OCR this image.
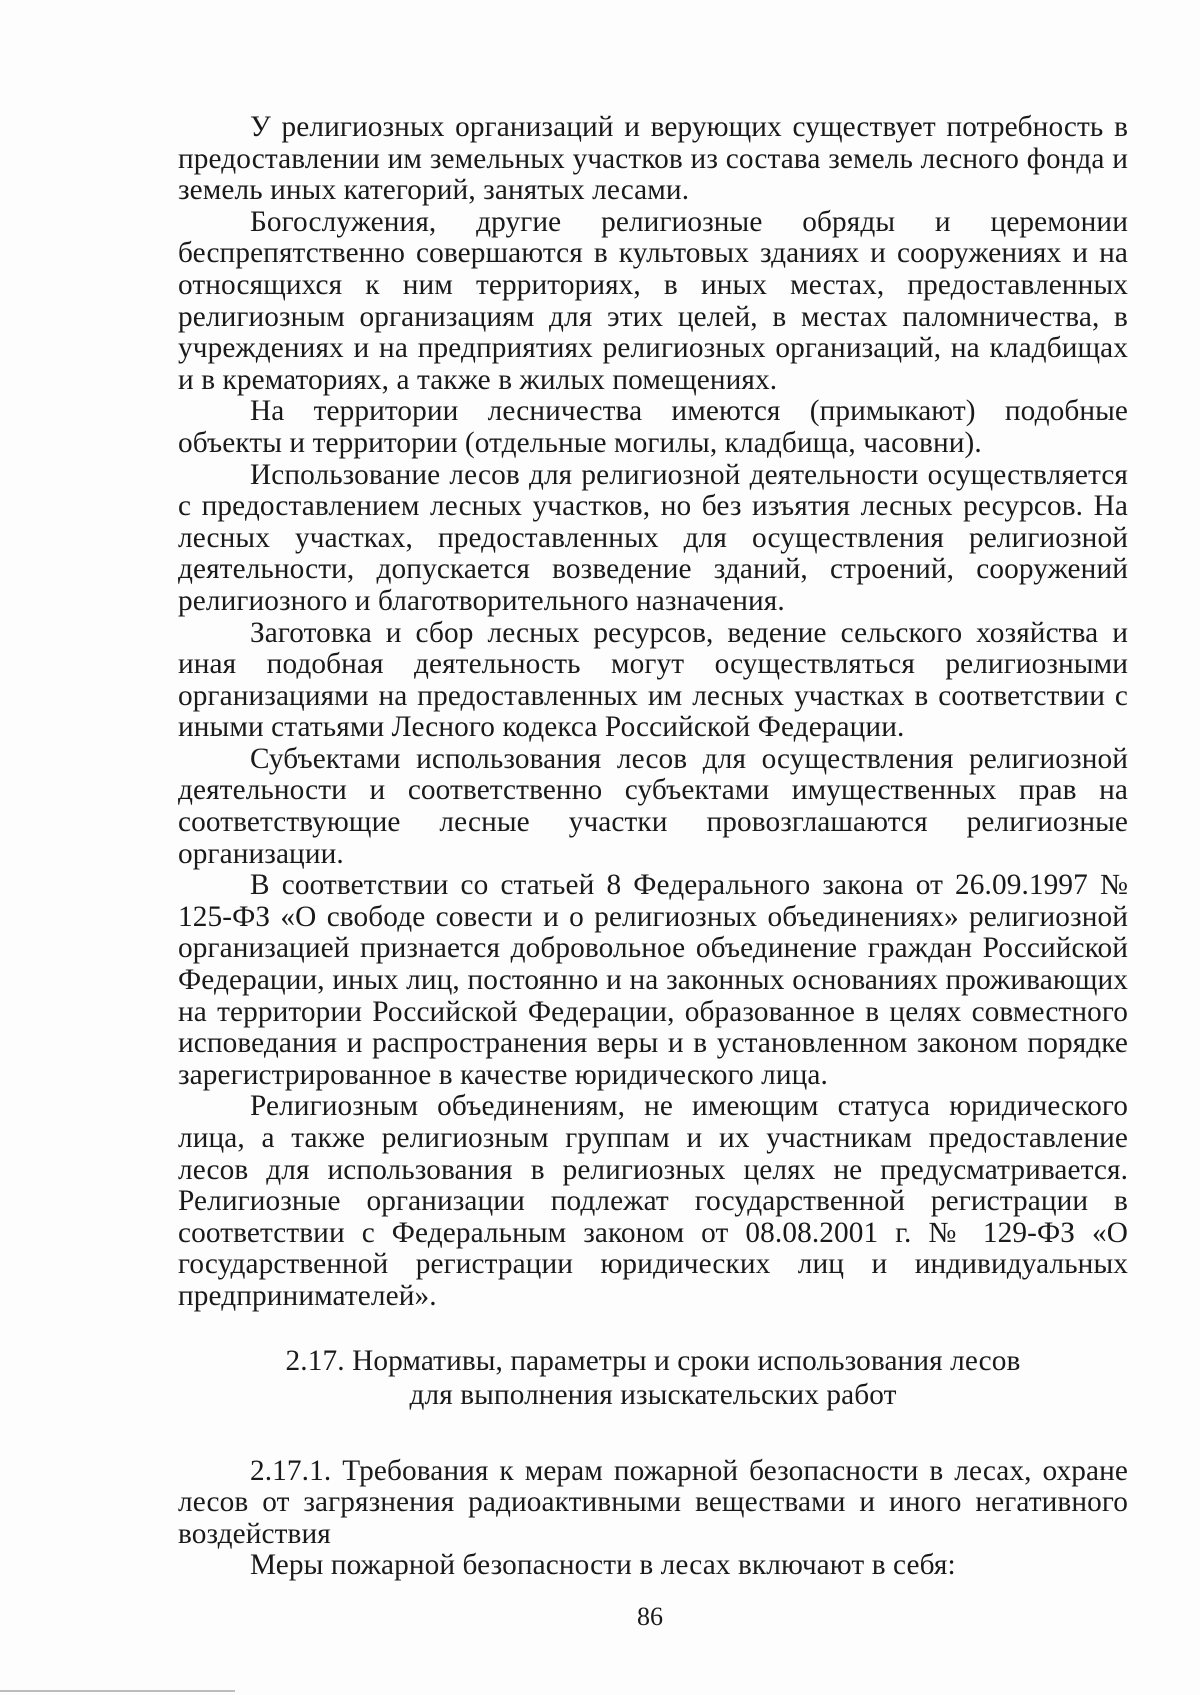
У религиозных организаций и верующих существует потребность в предоставлении им земельных участков из состава земель лесного фонда и земель иных категорий, занятых лесами.

Богослужения, другие религиозные обряды и церемонии беспрепятственно совершаются в культовых зданиях и сооружениях и на относящихся к ним территориях, в иных местах, предоставленных религиозным организациям для этих целей, в местах паломничества, в учреждениях и на предприятиях религиозных организаций, на кладбищах и в крематориях, а также в жилых помещениях.

На территории лесничества имеются (примыкают) подобные объекты и территории (отдельные могилы, кладбища, часовни).

Использование лесов для религиозной деятельности осуществляется с предоставлением лесных участков, но без изъятия лесных ресурсов. На лесных участках, предоставленных для осуществления религиозной деятельности, допускается возведение зданий, строений, сооружений религиозного и благотворительного назначения.

Заготовка и сбор лесных ресурсов, ведение сельского хозяйства и иная подобная деятельность могут осуществляться религиозными организациями на предоставленных им лесных участках в соответствии с иными статьями Лесного кодекса Российской Федерации.

Субъектами использования лесов для осуществления религиозной деятельности и соответственно субъектами имущественных прав на соответствующие лесные участки провозглашаются религиозные организации.

В соответствии со статьей 8 Федерального закона от 26.09.1997 № 125-ФЗ «О свободе совести и о религиозных объединениях» религиозной организацией признается добровольное объединение граждан Российской Федерации, иных лиц, постоянно и на законных основаниях проживающих на территории Российской Федерации, образованное в целях совместного исповедания и распространения веры и в установленном законом порядке зарегистрированное в качестве юридического лица.

Религиозным объединениям, не имеющим статуса юридического лица, а также религиозным группам и их участникам предоставление лесов для использования в религиозных целях не предусматривается. Религиозные организации подлежат государственной регистрации в соответствии с Федеральным законом от 08.08.2001 г. № 129-ФЗ «О государственной регистрации юридических лиц и индивидуальных предпринимателей».

2.17. Нормативы, параметры и сроки использования лесов
для выполнения изыскательских работ

2.17.1. Требования к мерам пожарной безопасности в лесах, охране лесов от загрязнения радиоактивными веществами и иного негативного воздействия

Меры пожарной безопасности в лесах включают в себя:

86
